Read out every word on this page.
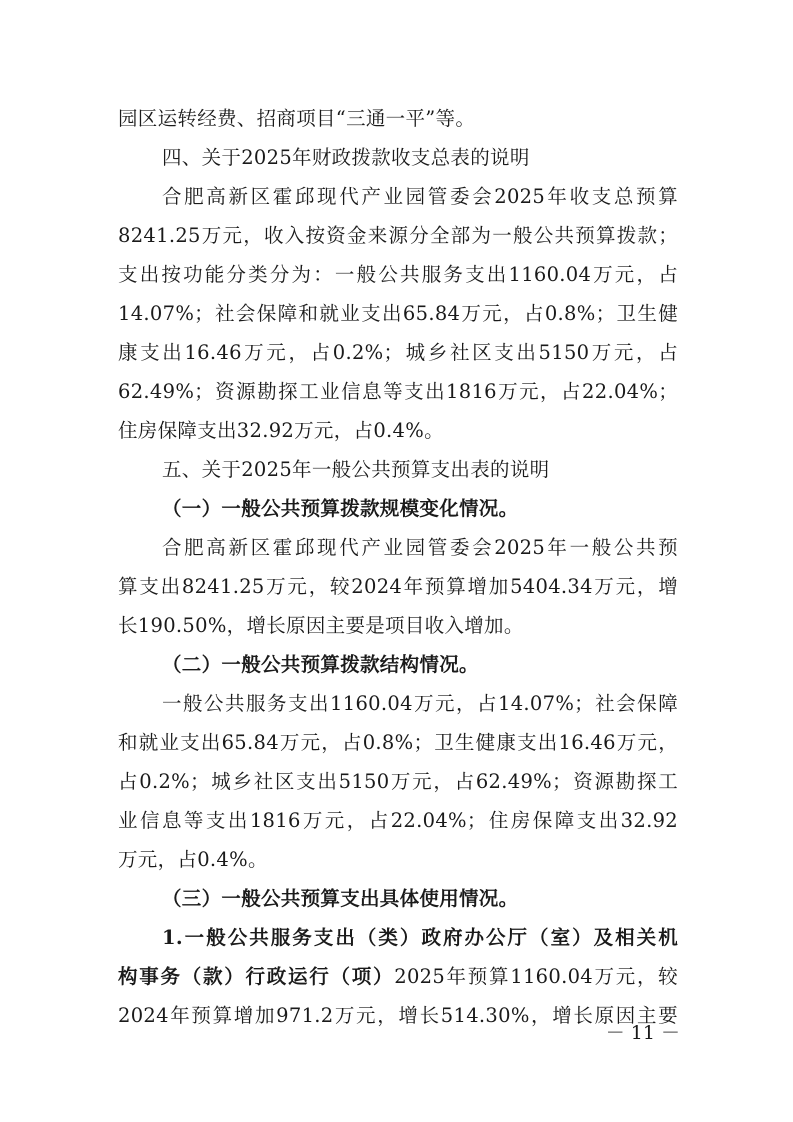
园区运转经费、招商项目“三通一平”等。
四、关于2025年财政拨款收支总表的说明
合肥高新区霍邱现代产业园管委会2025年收支总预算
8241.25万元，收入按资金来源分全部为一般公共预算拨款；
支出按功能分类分为：一般公共服务支出1160.04万元，占
14.07%；社会保障和就业支出65.84万元，占0.8%；卫生健
康支出16.46万元，占0.2%；城乡社区支出5150万元，占
62.49%；资源勘探工业信息等支出1816万元，占22.04%；
住房保障支出32.92万元，占0.4%。
五、关于2025年一般公共预算支出表的说明
（一）一般公共预算拨款规模变化情况。
合肥高新区霍邱现代产业园管委会2025年一般公共预
算支出8241.25万元，较2024年预算增加5404.34万元，增
长190.50%，增长原因主要是项目收入增加。
（二）一般公共预算拨款结构情况。
一般公共服务支出1160.04万元，占14.07%；社会保障
和就业支出65.84万元，占0.8%；卫生健康支出16.46万元，
占0.2%；城乡社区支出5150万元，占62.49%；资源勘探工
业信息等支出1816万元，占22.04%；住房保障支出32.92
万元，占0.4%。
（三）一般公共预算支出具体使用情况。
1.一般公共服务支出（类）政府办公厅（室）及相关机
构事务（款）行政运行（项）2025年预算1160.04万元，较
2024年预算增加971.2万元，增长514.30%，增长原因主要
－ 11 －
